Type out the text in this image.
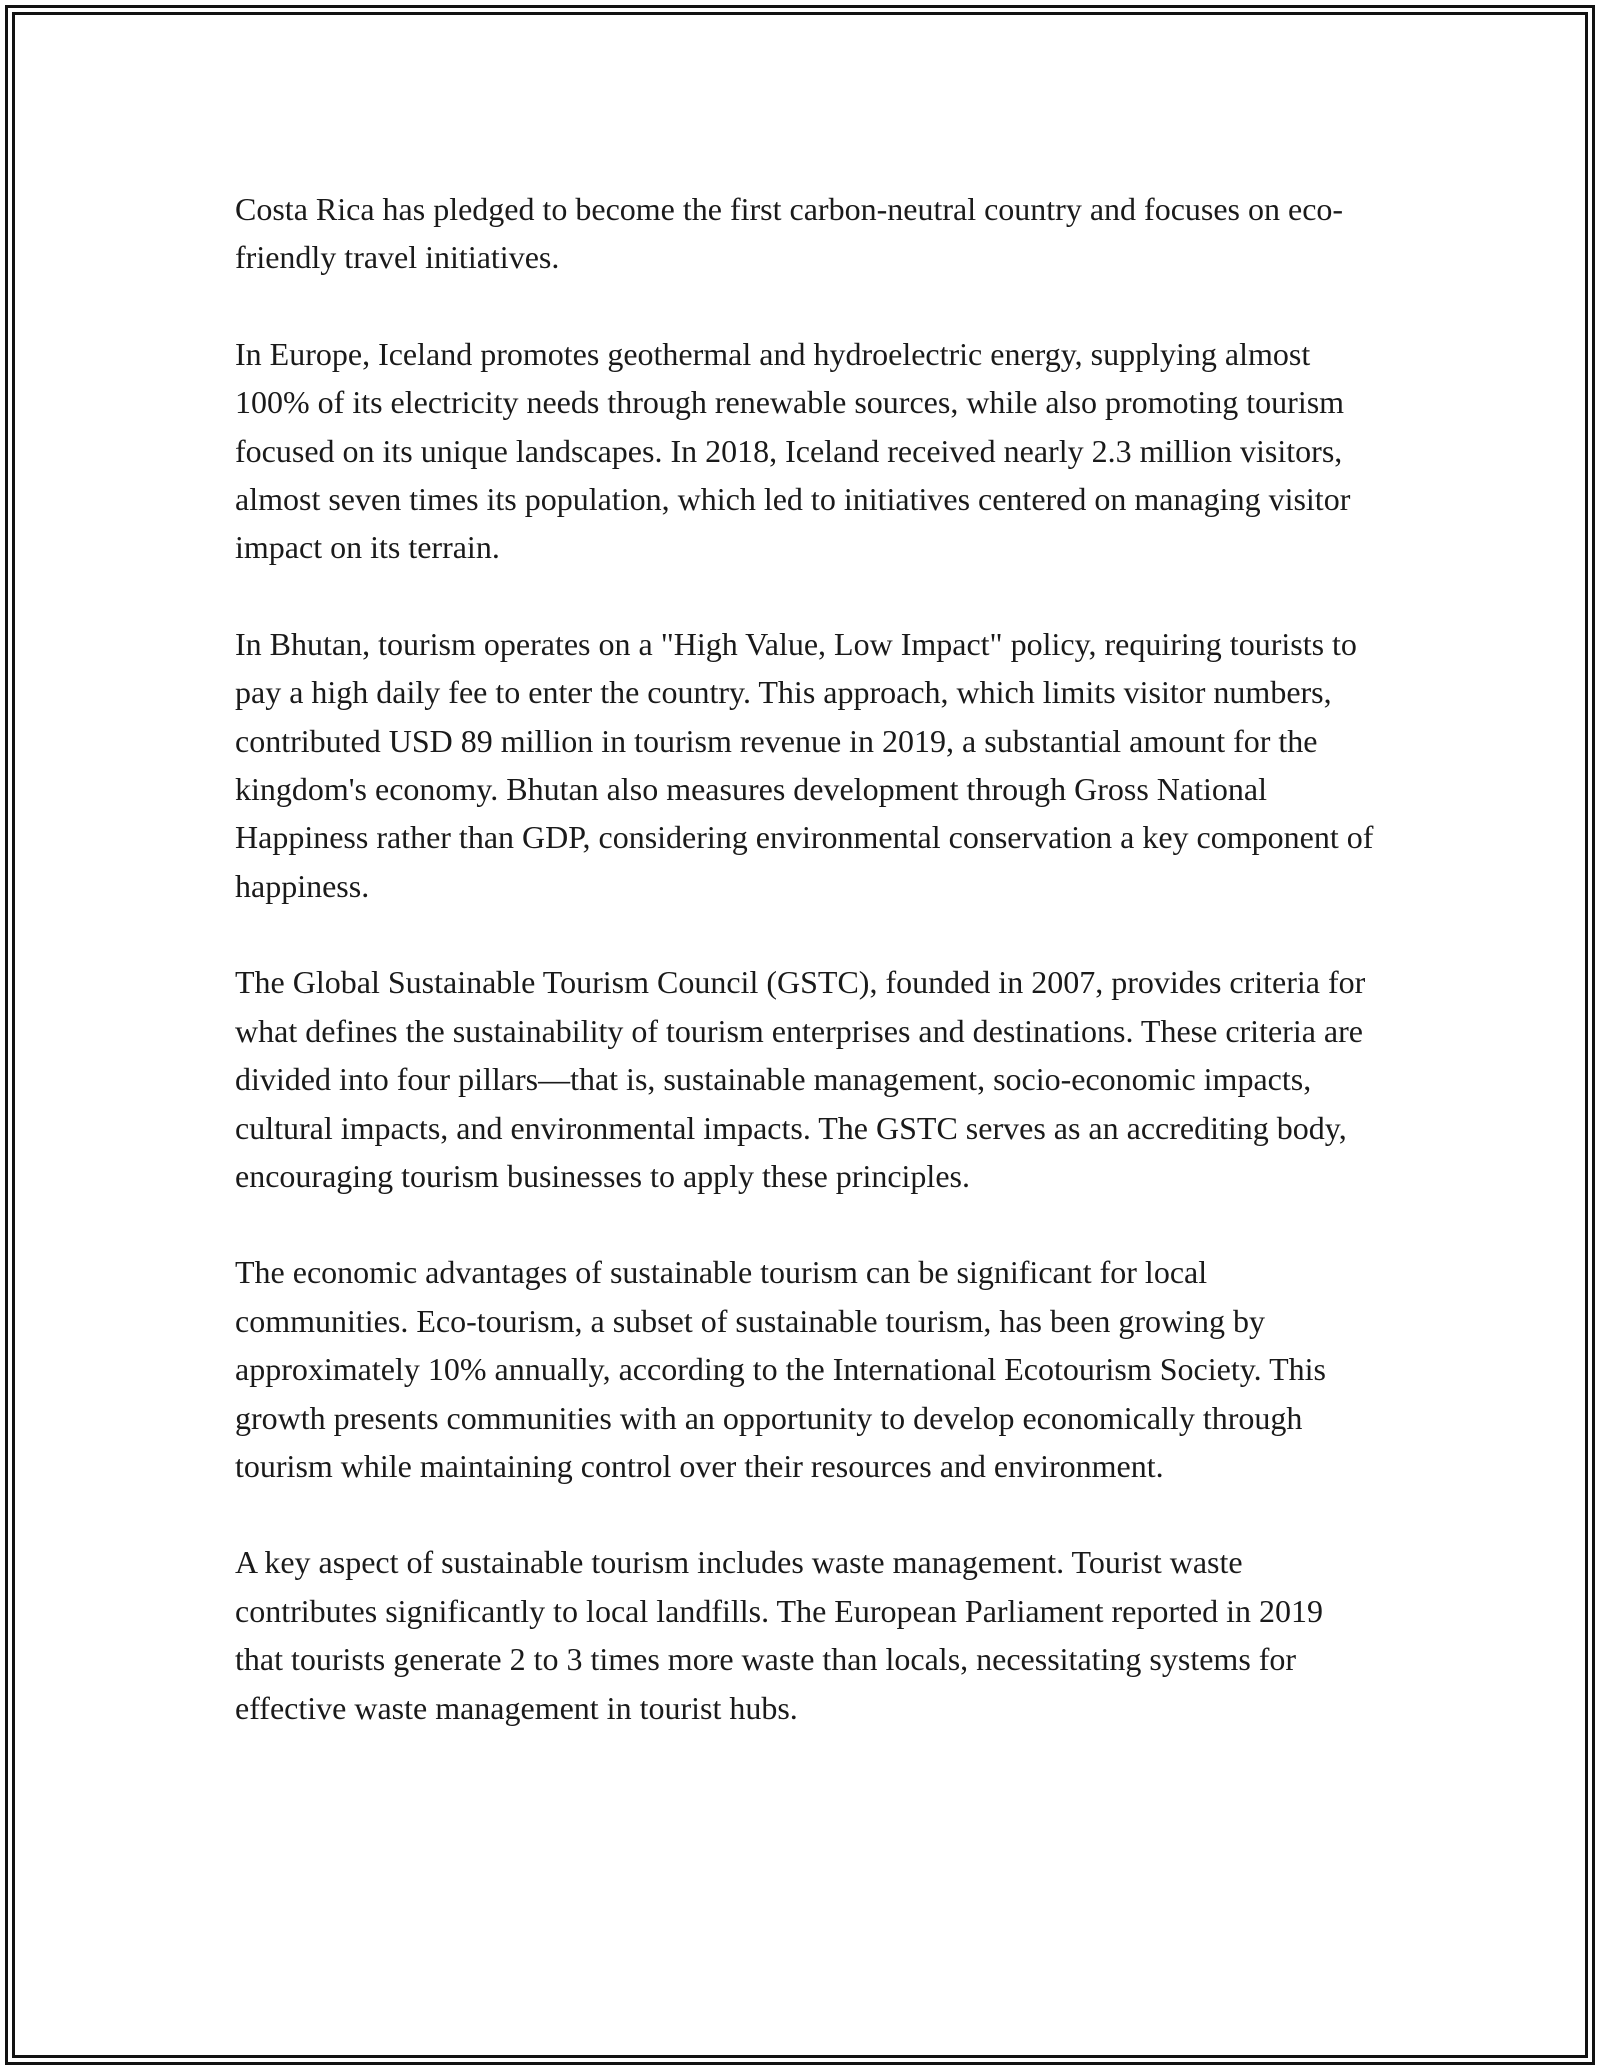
Costa Rica has pledged to become the first carbon-neutral country and focuses on eco-friendly travel initiatives.

In Europe, Iceland promotes geothermal and hydroelectric energy, supplying almost 100% of its electricity needs through renewable sources, while also promoting tourism focused on its unique landscapes. In 2018, Iceland received nearly 2.3 million visitors, almost seven times its population, which led to initiatives centered on managing visitor impact on its terrain.

In Bhutan, tourism operates on a "High Value, Low Impact" policy, requiring tourists to pay a high daily fee to enter the country. This approach, which limits visitor numbers, contributed USD 89 million in tourism revenue in 2019, a substantial amount for the kingdom's economy. Bhutan also measures development through Gross National Happiness rather than GDP, considering environmental conservation a key component of happiness.

The Global Sustainable Tourism Council (GSTC), founded in 2007, provides criteria for what defines the sustainability of tourism enterprises and destinations. These criteria are divided into four pillars—that is, sustainable management, socio-economic impacts, cultural impacts, and environmental impacts. The GSTC serves as an accrediting body, encouraging tourism businesses to apply these principles.

The economic advantages of sustainable tourism can be significant for local communities. Eco-tourism, a subset of sustainable tourism, has been growing by approximately 10% annually, according to the International Ecotourism Society. This growth presents communities with an opportunity to develop economically through tourism while maintaining control over their resources and environment.

A key aspect of sustainable tourism includes waste management. Tourist waste contributes significantly to local landfills. The European Parliament reported in 2019 that tourists generate 2 to 3 times more waste than locals, necessitating systems for effective waste management in tourist hubs.
